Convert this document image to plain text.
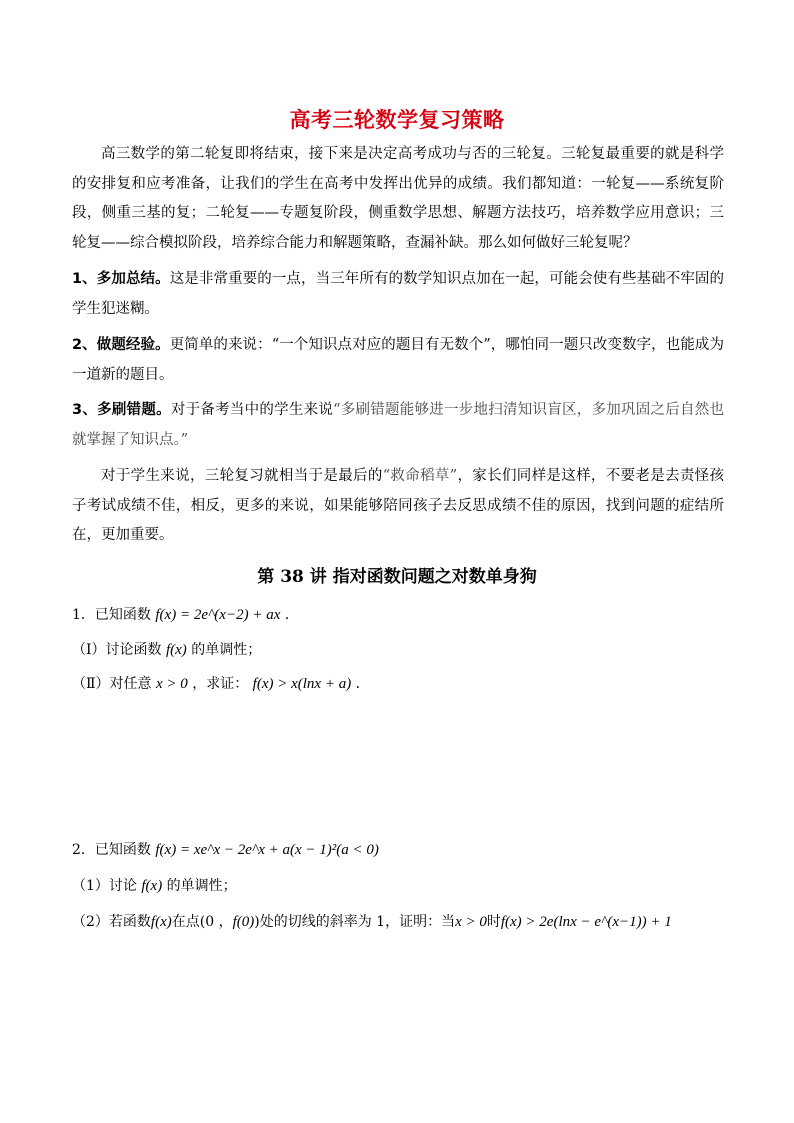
高考三轮数学复习策略
高三数学的第二轮复即将结束，接下来是决定高考成功与否的三轮复。三轮复最重要的就是科学的安排复和应考准备，让我们的学生在高考中发挥出优异的成绩。我们都知道：一轮复——系统复阶段，侧重三基的复；二轮复——专题复阶段，侧重数学思想、解题方法技巧，培养数学应用意识；三轮复——综合模拟阶段，培养综合能力和解题策略，查漏补缺。那么如何做好三轮复呢？
1、多加总结。这是非常重要的一点，当三年所有的数学知识点加在一起，可能会使有些基础不牢固的学生犯迷糊。
2、做题经验。更简单的来说：“一个知识点对应的题目有无数个”，哪怕同一题只改变数字，也能成为一道新的题目。
3、多刷错题。对于备考当中的学生来说“多刷错题能够进一步地扫清知识盲区，多加巩固之后自然也就掌握了知识点。”
对于学生来说，三轮复习就相当于是最后的“救命稻草”，家长们同样是这样，不要老是去责怪孩子考试成绩不佳，相反，更多的来说，如果能够陪同孩子去反思成绩不佳的原因，找到问题的症结所在，更加重要。
第 38 讲 指对函数问题之对数单身狗
1．已知函数 f(x) = 2e^(x−2) + ax ．
（Ⅰ）讨论函数 f(x) 的单调性；
（Ⅱ）对任意 x > 0 ，求证： f(x) > x(lnx + a) ．
2．已知函数 f(x) = xe^x − 2e^x + a(x − 1)²(a < 0)
（1）讨论 f(x) 的单调性；
（2）若函数f(x)在点(0 ，f(0))处的切线的斜率为 1，证明：当x > 0时f(x) > 2e(lnx − e^(x−1)) + 1
